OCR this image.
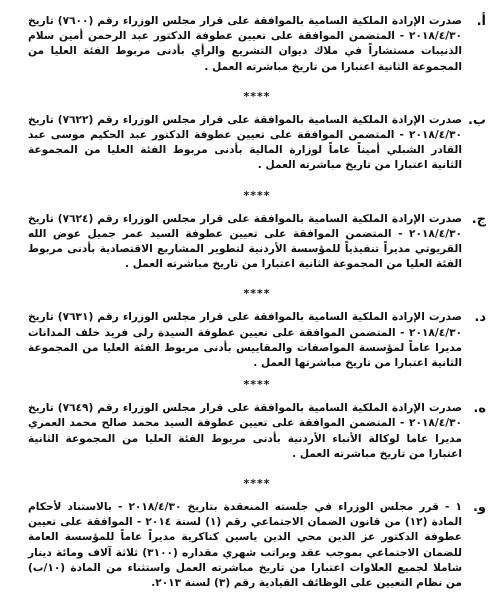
أ.
صدرت الإرادة الملكية السامية بالموافقة على قرار مجلس الوزراء رقم (٧٦٠٠) تاريخ ٢٠١٨/٤/٣٠ - المتضمن الموافقة على تعيين عطوفة الدكتور عبد الرحمن أمين سلام الذنيبات مستشاراً في ملاك ديوان التشريع والرأي بأدنى مربوط الفئة العليا من المجموعة الثانية اعتبارا من تاريخ مباشرته العمل .
****
ب.
صدرت الإرادة الملكية السامية بالموافقة على قرار مجلس الوزراء رقم (٧٦٢٢) تاريخ ٢٠١٨/٤/٣٠ - المتضمن الموافقة على تعيين عطوفة الدكتور عبد الحكيم موسى عبد القادر الشبلي أميناً عاماً لوزارة المالية بأدنى مربوط الفئة العليا من المجموعة الثانية اعتبارا من تاريخ مباشرته العمل .
****
ج.
صدرت الإرادة الملكية السامية بالموافقة على قرار مجلس الوزراء رقم (٧٦٢٤) تاريخ ٢٠١٨/٤/٣٠ - المتضمن الموافقة على تعيين عطوفة السيد عمر جميل عوض الله القريوتي مديراً تنفيذياً للمؤسسة الأردنية لتطوير المشاريع الاقتصادية بأدنى مربوط الفئة العليا من المجموعة الثانية اعتبارا من تاريخ مباشرته العمل .
****
د.
صدرت الإرادة الملكية السامية بالموافقة على قرار مجلس الوزراء رقم (٧٦٣١) تاريخ ٢٠١٨/٤/٣٠ - المتضمن الموافقة على تعيين عطوفة السيدة رلى فريد خلف المدانات مديرا عاماً لمؤسسة المواصفات والمقاييس بأدنى مربوط الفئة العليا من المجموعة الثانية اعتبارا من تاريخ مباشرتها العمل .
****
ه.
صدرت الإرادة الملكية السامية بالموافقة على قرار مجلس الوزراء رقم (٧٦٤٩) تاريخ ٢٠١٨/٤/٣٠ - المتضمن الموافقة على تعيين عطوفة السيد محمد صالح محمد العمري مديرا عاما لوكالة الأنباء الأردنية بأدنى مربوط الفئة العليا من المجموعة الثانية اعتبارا من تاريخ مباشرته العمل .
****
و.
١ - قرر مجلس الوزراء في جلسته المنعقدة بتاريخ ٢٠١٨/٤/٣٠ - بالاستناد لأحكام المادة (١٢) من قانون الضمان الاجتماعي رقم (١) لسنة ٢٠١٤ - الموافقة على تعيين عطوفة الدكتور عز الدين محي الدين ياسين كناكرية مديراً عاماً للمؤسسة العامة للضمان الاجتماعي بموجب عقد وبراتب شهري مقداره (٣١٠٠) ثلاثة آلاف ومائة دينار شاملا لجميع العلاوات اعتبارا من تاريخ مباشرته العمل واستثناء من المادة (١٠/ب) من نظام التعيين على الوظائف القيادية رقم (٣) لسنة ٢٠١٣.
